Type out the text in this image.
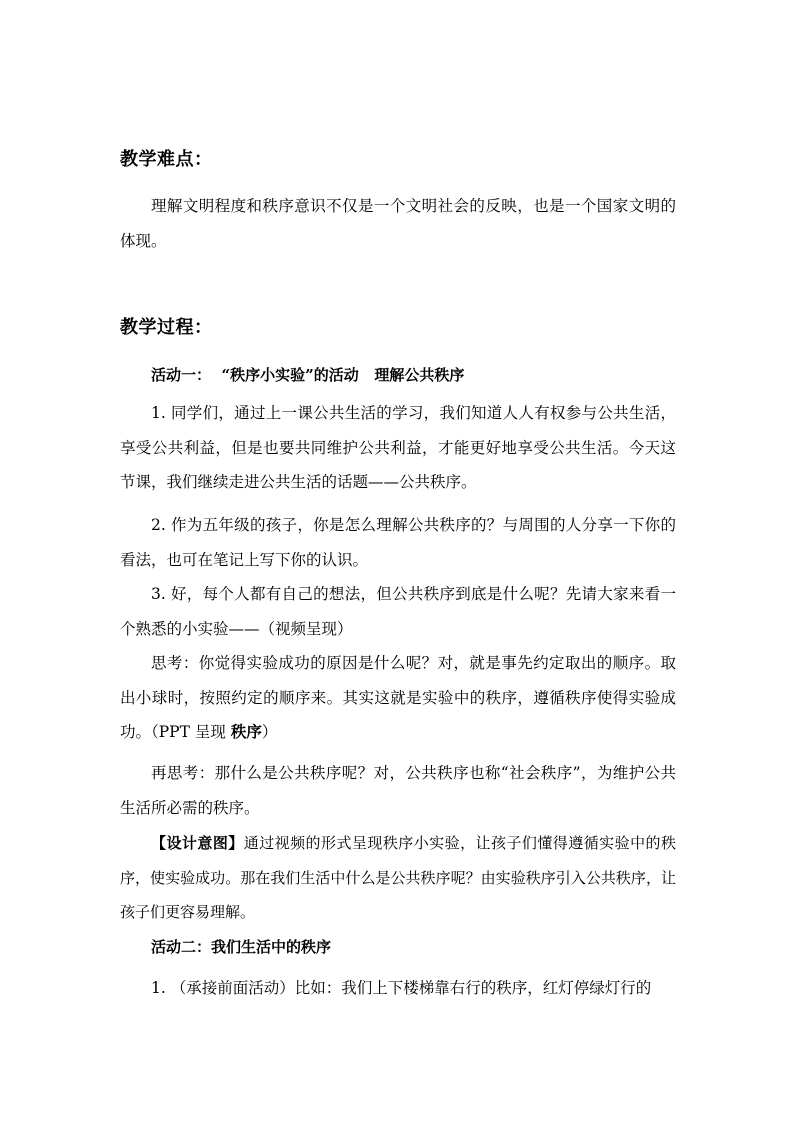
教学难点：

理解文明程度和秩序意识不仅是一个文明社会的反映，也是一个国家文明的体现。

教学过程：

活动一：  “秩序小实验”的活动   理解公共秩序

1. 同学们，通过上一课公共生活的学习，我们知道人人有权参与公共生活，享受公共利益，但是也要共同维护公共利益，才能更好地享受公共生活。今天这节课，我们继续走进公共生活的话题——公共秩序。

2. 作为五年级的孩子，你是怎么理解公共秩序的？与周围的人分享一下你的看法，也可在笔记上写下你的认识。

3. 好，每个人都有自己的想法，但公共秩序到底是什么呢？先请大家来看一个熟悉的小实验——（视频呈现）

思考：你觉得实验成功的原因是什么呢？对，就是事先约定取出的顺序。取出小球时，按照约定的顺序来。其实这就是实验中的秩序，遵循秩序使得实验成功。（PPT 呈现 秩序）

再思考：那什么是公共秩序呢？对，公共秩序也称“社会秩序”，为维护公共生活所必需的秩序。

【设计意图】通过视频的形式呈现秩序小实验，让孩子们懂得遵循实验中的秩序，使实验成功。那在我们生活中什么是公共秩序呢？由实验秩序引入公共秩序，让孩子们更容易理解。

活动二：我们生活中的秩序

1. （承接前面活动）比如：我们上下楼梯靠右行的秩序，红灯停绿灯行的
